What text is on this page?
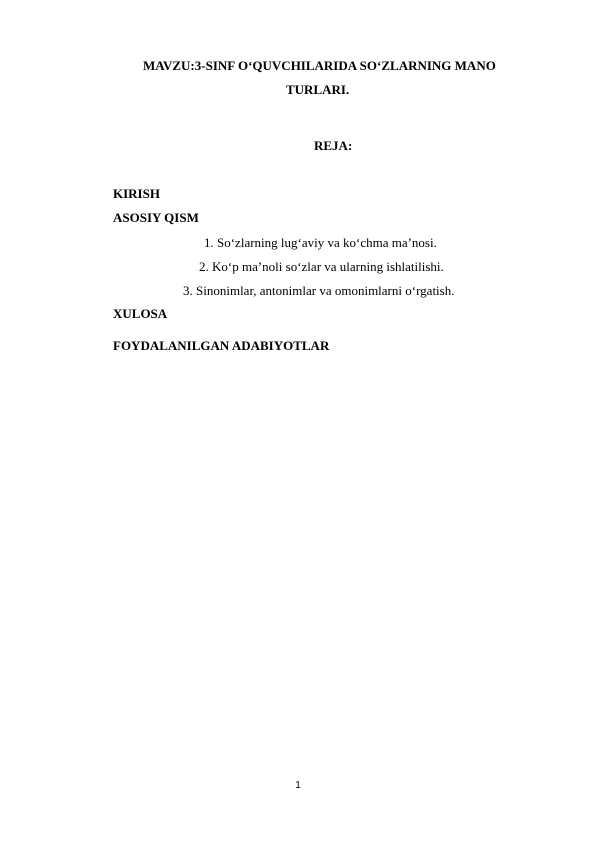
MAVZU:3-SINF O‘QUVCHILARIDA SO‘ZLARNING MANO
TURLARI.
REJA:
KIRISH
ASOSIY QISM
1. So‘zlarning lug‘aviy va ko‘chma ma’nosi.
2. Ko‘p ma’noli so‘zlar va ularning ishlatilishi.
3. Sinonimlar, antonimlar va omonimlarni o‘rgatish.
XULOSA
FOYDALANILGAN ADABIYOTLAR
1
